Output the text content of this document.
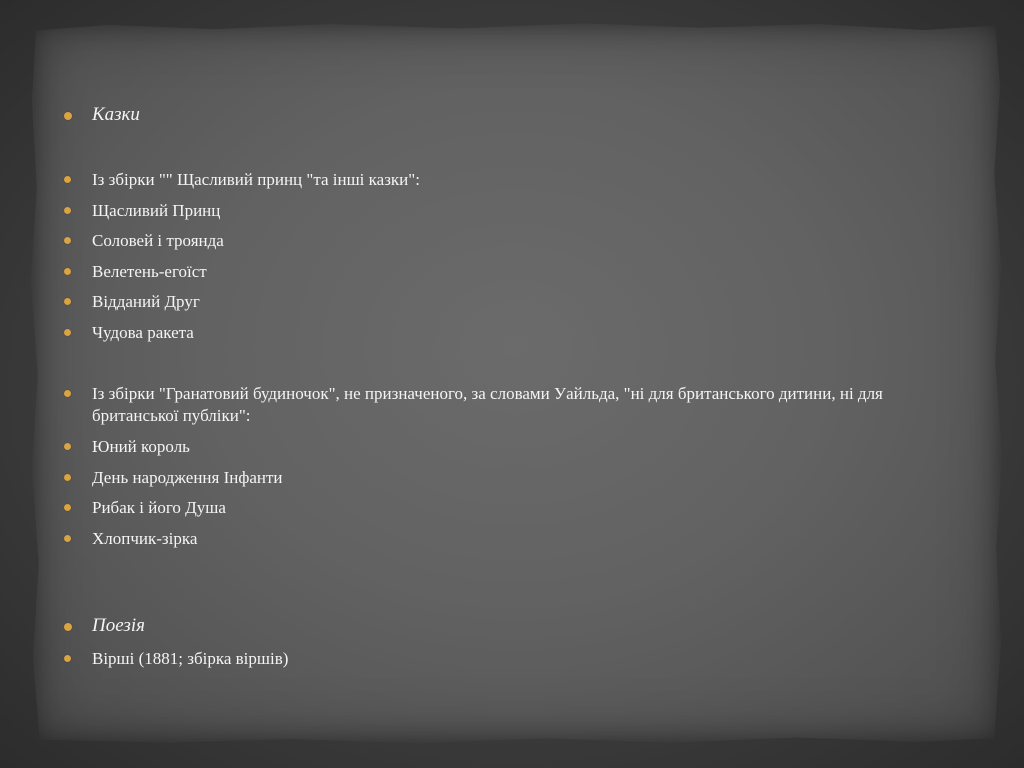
Казки
Із збірки "" Щасливий принц "та інші казки":
Щасливий Принц
Соловей і троянда
Велетень-егоїст
Відданий Друг
Чудова ракета
Із збірки "Гранатовий будиночок", не призначеного, за словами Уайльда, "ні для британського дитини, ні для британської публіки":
Юний король
День народження Інфанти
Рибак і його Душа
Хлопчик-зірка
Поезія
Вірші (1881; збірка віршів)
